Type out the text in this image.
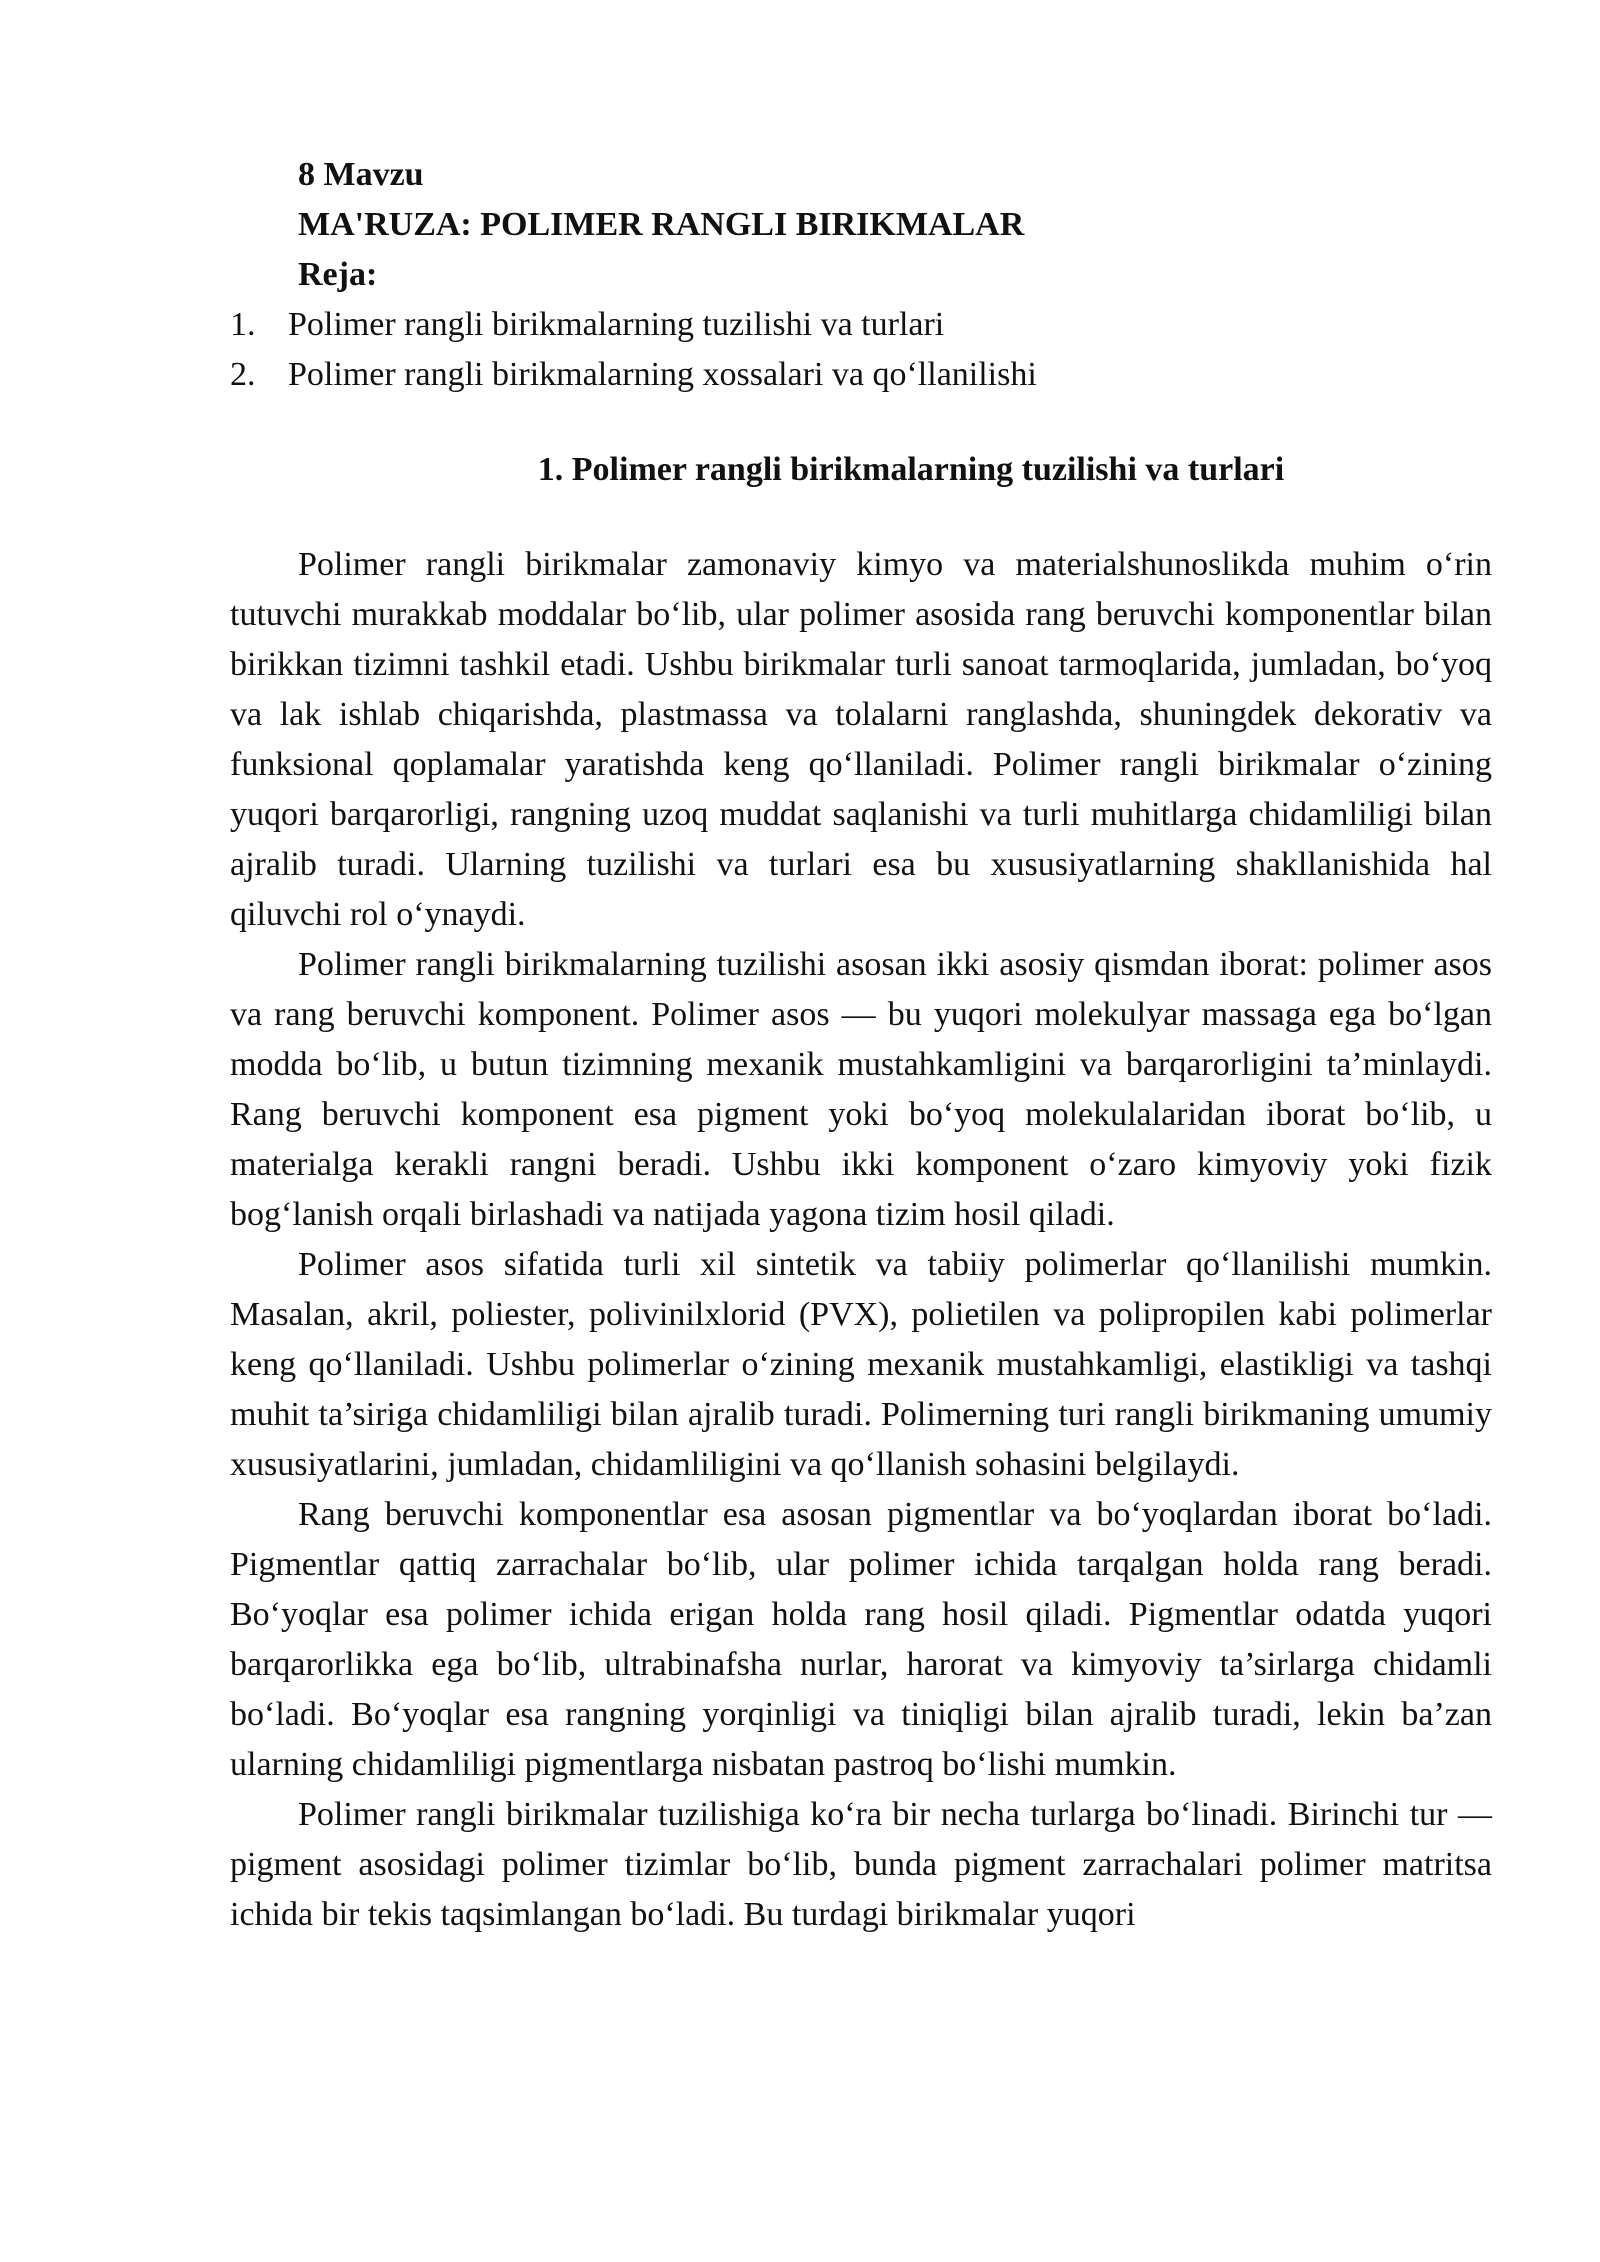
8 Mavzu

MA'RUZA: POLIMER RANGLI BIRIKMALAR

Reja:

1. Polimer rangli birikmalarning tuzilishi va turlari
2. Polimer rangli birikmalarning xossalari va qo‘llanilishi
1. Polimer rangli birikmalarning tuzilishi va turlari

Polimer rangli birikmalar zamonaviy kimyo va materialshunoslikda muhim o‘rin tutuvchi murakkab moddalar bo‘lib, ular polimer asosida rang beruvchi komponentlar bilan birikkan tizimni tashkil etadi. Ushbu birikmalar turli sanoat tarmoqlarida, jumladan, bo‘yoq va lak ishlab chiqarishda, plastmassa va tolalarni ranglashda, shuningdek dekorativ va funksional qoplamalar yaratishda keng qo‘llaniladi. Polimer rangli birikmalar o‘zining yuqori barqarorligi, rangning uzoq muddat saqlanishi va turli muhitlarga chidamliligi bilan ajralib turadi. Ularning tuzilishi va turlari esa bu xususiyatlarning shakllanishida hal qiluvchi rol o‘ynaydi.

Polimer rangli birikmalarning tuzilishi asosan ikki asosiy qismdan iborat: polimer asos va rang beruvchi komponent. Polimer asos — bu yuqori molekulyar massaga ega bo‘lgan modda bo‘lib, u butun tizimning mexanik mustahkamligini va barqarorligini ta’minlaydi. Rang beruvchi komponent esa pigment yoki bo‘yoq molekulalaridan iborat bo‘lib, u materialga kerakli rangni beradi. Ushbu ikki komponent o‘zaro kimyoviy yoki fizik bog‘lanish orqali birlashadi va natijada yagona tizim hosil qiladi.

Polimer asos sifatida turli xil sintetik va tabiiy polimerlar qo‘llanilishi mumkin. Masalan, akril, poliester, polivinilxlorid (PVX), polietilen va polipropilen kabi polimerlar keng qo‘llaniladi. Ushbu polimerlar o‘zining mexanik mustahkamligi, elastikligi va tashqi muhit ta’siriga chidamliligi bilan ajralib turadi. Polimerning turi rangli birikmaning umumiy xususiyatlarini, jumladan, chidamliligini va qo‘llanish sohasini belgilaydi.

Rang beruvchi komponentlar esa asosan pigmentlar va bo‘yoqlardan iborat bo‘ladi. Pigmentlar qattiq zarrachalar bo‘lib, ular polimer ichida tarqalgan holda rang beradi. Bo‘yoqlar esa polimer ichida erigan holda rang hosil qiladi. Pigmentlar odatda yuqori barqarorlikka ega bo‘lib, ultrabinafsha nurlar, harorat va kimyoviy ta’sirlarga chidamli bo‘ladi. Bo‘yoqlar esa rangning yorqinligi va tiniqligi bilan ajralib turadi, lekin ba’zan ularning chidamliligi pigmentlarga nisbatan pastroq bo‘lishi mumkin.

Polimer rangli birikmalar tuzilishiga ko‘ra bir necha turlarga bo‘linadi. Birinchi tur — pigment asosidagi polimer tizimlar bo‘lib, bunda pigment zarrachalari polimer matritsa ichida bir tekis taqsimlangan bo‘ladi. Bu turdagi birikmalar yuqori
